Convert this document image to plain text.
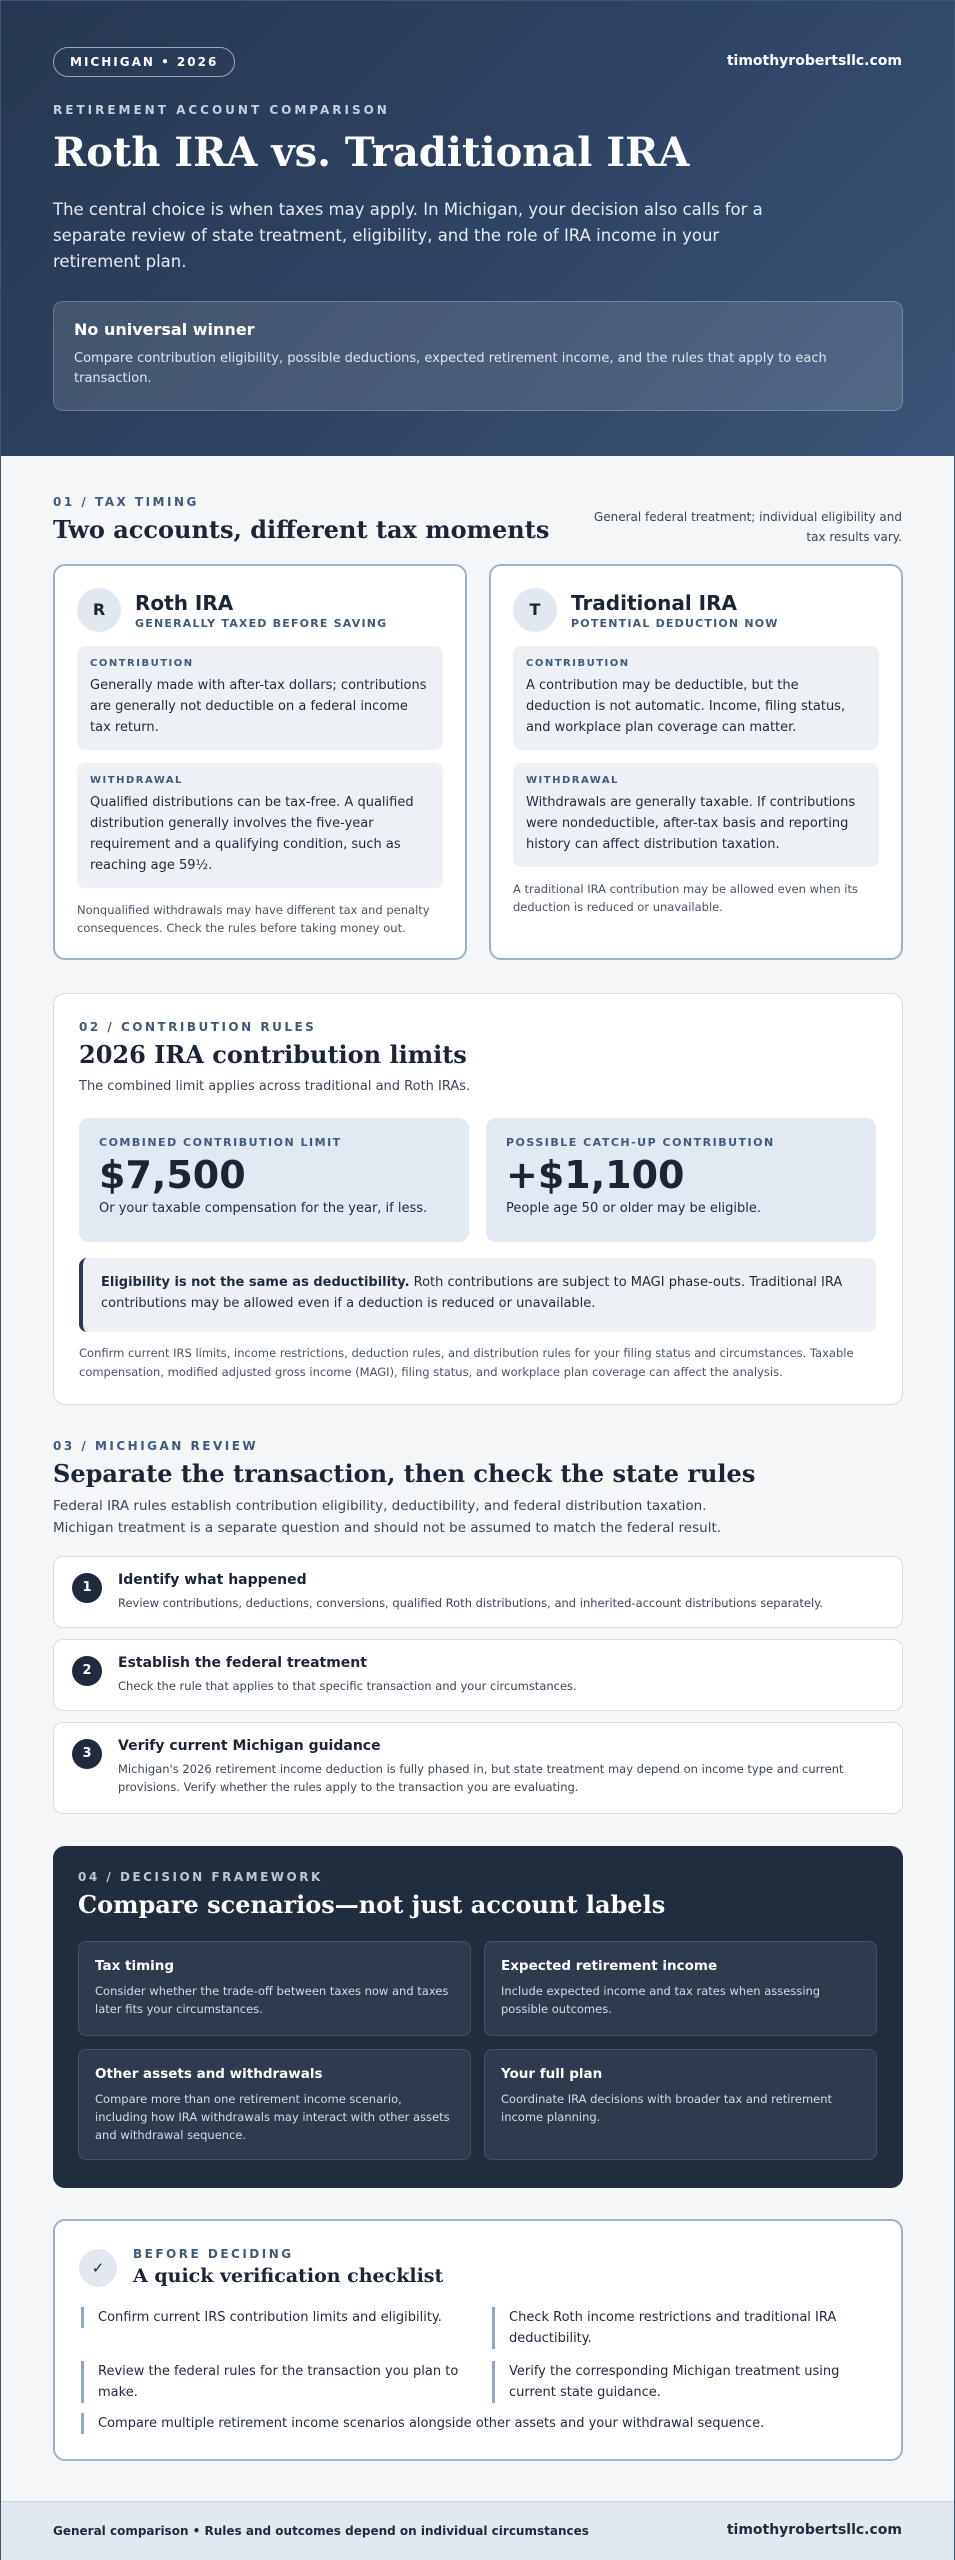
MICHIGAN • 2026	timothyrobertsllc.com
RETIREMENT ACCOUNT COMPARISON
Roth IRA vs. Traditional IRA

The central choice is when taxes may apply. In Michigan, your decision also calls for a separate review of state treatment, eligibility, and the role of IRA income in your retirement plan.

No universal winner

Compare contribution eligibility, possible deductions, expected retirement income, and the rules that apply to each transaction.

01 / TAX TIMING
Two accounts, different tax moments	General federal treatment; individual eligibility and tax results vary.
R	Roth IRA
GENERALLY TAXED BEFORE SAVING
CONTRIBUTION
Generally made with after-tax dollars; contributions are generally not deductible on a federal income tax return.
WITHDRAWAL
Qualified distributions can be tax-free. A qualified distribution generally involves the five-year requirement and a qualifying condition, such as reaching age 59½.
Nonqualified withdrawals may have different tax and penalty consequences. Check the rules before taking money out.
T	Traditional IRA
POTENTIAL DEDUCTION NOW
CONTRIBUTION
A contribution may be deductible, but the deduction is not automatic. Income, filing status, and workplace plan coverage can matter.
WITHDRAWAL
Withdrawals are generally taxable. If contributions were nondeductible, after-tax basis and reporting history can affect distribution taxation.
A traditional IRA contribution may be allowed even when its deduction is reduced or unavailable.
02 / CONTRIBUTION RULES
2026 IRA contribution limits

The combined limit applies across traditional and Roth IRAs.

COMBINED CONTRIBUTION LIMIT
$7,500
Or your taxable compensation for the year, if less.
POSSIBLE CATCH-UP CONTRIBUTION
+$1,100
People age 50 or older may be eligible.
Eligibility is not the same as deductibility. Roth contributions are subject to MAGI phase-outs. Traditional IRA contributions may be allowed even if a deduction is reduced or unavailable.
Confirm current IRS limits, income restrictions, deduction rules, and distribution rules for your filing status and circumstances. Taxable compensation, modified adjusted gross income (MAGI), filing status, and workplace plan coverage can affect the analysis.
03 / MICHIGAN REVIEW
Separate the transaction, then check the state rules

Federal IRA rules establish contribution eligibility, deductibility, and federal distribution taxation. Michigan treatment is a separate question and should not be assumed to match the federal result.

1	Identify what happened

Review contributions, deductions, conversions, qualified Roth distributions, and inherited-account distributions separately.

2	Establish the federal treatment

Check the rule that applies to that specific transaction and your circumstances.

3	Verify current Michigan guidance

Michigan's 2026 retirement income deduction is fully phased in, but state treatment may depend on income type and current provisions. Verify whether the rules apply to the transaction you are evaluating.

04 / DECISION FRAMEWORK
Compare scenarios—not just account labels
Tax timing

Consider whether the trade-off between taxes now and taxes later fits your circumstances.

Expected retirement income

Include expected income and tax rates when assessing possible outcomes.

Other assets and withdrawals

Compare more than one retirement income scenario, including how IRA withdrawals may interact with other assets and withdrawal sequence.

Your full plan

Coordinate IRA decisions with broader tax and retirement income planning.

✓
BEFORE DECIDING
A quick verification checklist
Confirm current IRS contribution limits and eligibility.	Check Roth income restrictions and traditional IRA deductibility.
Review the federal rules for the transaction you plan to make.
Verify the corresponding Michigan treatment using current state guidance.
Compare multiple retirement income scenarios alongside other assets and your withdrawal sequence.
General comparison • Rules and outcomes depend on individual circumstances	timothyrobertsllc.com
